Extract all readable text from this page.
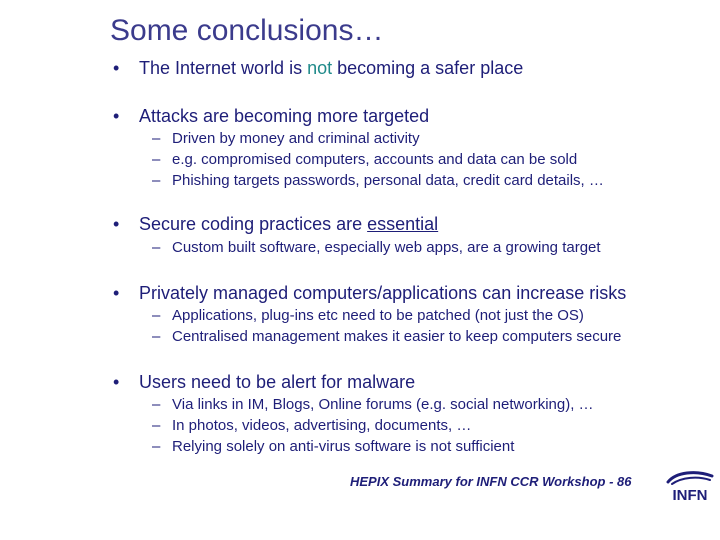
Some conclusions…
• The Internet world is not becoming a safer place
• Attacks are becoming more targeted
– Driven by money and criminal activity
– e.g. compromised computers, accounts and data can be sold
– Phishing targets passwords, personal data, credit card details, …
• Secure coding practices are essential
– Custom built software, especially web apps, are a growing target
• Privately managed computers/applications can increase risks
– Applications, plug-ins etc need to be patched (not just the OS)
– Centralised management makes it easier to keep computers secure
• Users need to be alert for malware
– Via links in IM, Blogs, Online forums (e.g. social networking), …
– In photos, videos, advertising, documents, …
– Relying solely on anti-virus software is not sufficient
HEPIX Summary for INFN CCR Workshop - 86
INFN
